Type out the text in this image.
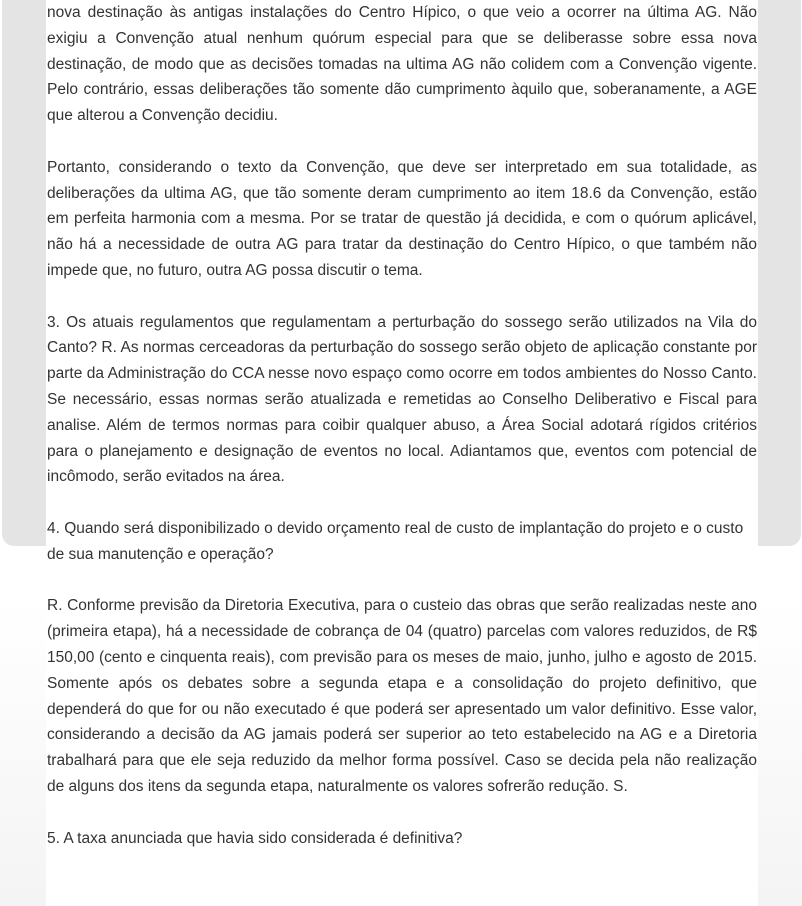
nova destinação às antigas instalações do Centro Hípico, o que veio a ocorrer na última AG. Não exigiu a Convenção atual nenhum quórum especial para que se deliberasse sobre essa nova destinação, de modo que as decisões tomadas na ultima AG não colidem com a Convenção vigente. Pelo contrário, essas deliberações tão somente dão cumprimento àquilo que, soberanamente, a AGE que alterou a Convenção decidiu.

Portanto, considerando o texto da Convenção, que deve ser interpretado em sua totalidade, as deliberações da ultima AG, que tão somente deram cumprimento ao item 18.6 da Convenção, estão em perfeita harmonia com a mesma. Por se tratar de questão já decidida, e com o quórum aplicável, não há a necessidade de outra AG para tratar da destinação do Centro Hípico, o que também não impede que, no futuro, outra AG possa discutir o tema.

3. Os atuais regulamentos que regulamentam a perturbação do sossego serão utilizados na Vila do Canto? R. As normas cerceadoras da perturbação do sossego serão objeto de aplicação constante por parte da Administração do CCA nesse novo espaço como ocorre em todos ambientes do Nosso Canto. Se necessário, essas normas serão atualizada e remetidas ao Conselho Deliberativo e Fiscal para analise. Além de termos normas para coibir qualquer abuso, a Área Social adotará rígidos critérios para o planejamento e designação de eventos no local. Adiantamos que, eventos com potencial de incômodo, serão evitados na área.

4. Quando será disponibilizado o devido orçamento real de custo de implantação do projeto e o custo de sua manutenção e operação?

R. Conforme previsão da Diretoria Executiva, para o custeio das obras que serão realizadas neste ano (primeira etapa), há a necessidade de cobrança de 04 (quatro) parcelas com valores reduzidos, de R$ 150,00 (cento e cinquenta reais), com previsão para os meses de maio, junho, julho e agosto de 2015. Somente após os debates sobre a segunda etapa e a consolidação do projeto definitivo, que dependerá do que for ou não executado é que poderá ser apresentado um valor definitivo. Esse valor, considerando a decisão da AG jamais poderá ser superior ao teto estabelecido na AG e a Diretoria trabalhará para que ele seja reduzido da melhor forma possível. Caso se decida pela não realização de alguns dos itens da segunda etapa, naturalmente os valores sofrerão redução. S.

5. A taxa anunciada que havia sido considerada é definitiva?
